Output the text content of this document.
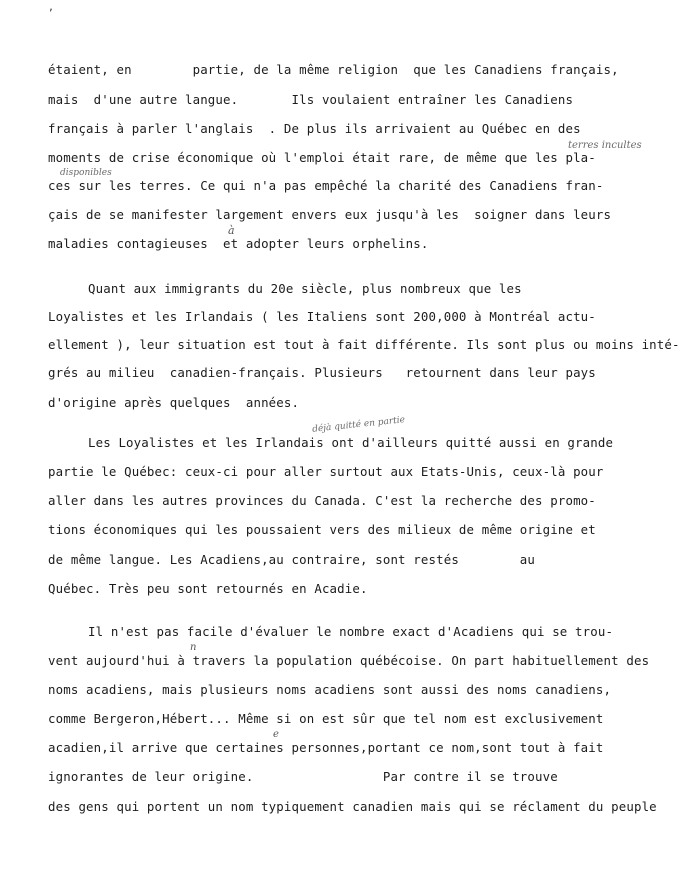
,
étaient, en        partie, de la même religion  que les Canadiens français,
mais  d'une autre langue.       Ils voulaient entraîner les Canadiens
français à parler l'anglais  . De plus ils arrivaient au Québec en des
moments de crise économique où l'emploi était rare, de même que les pla-
ces sur les terres. Ce qui n'a pas empêché la charité des Canadiens fran-
çais de se manifester largement envers eux jusqu'à les  soigner dans leurs
maladies contagieuses  et adopter leurs orphelins.
Quant aux immigrants du 20e siècle, plus nombreux que les
Loyalistes et les Irlandais ( les Italiens sont 200,000 à Montréal actu-
ellement ), leur situation est tout à fait différente. Ils sont plus ou moins inté-
grés au milieu  canadien-français. Plusieurs   retournent dans leur pays
d'origine après quelques  années.
Les Loyalistes et les Irlandais ont d'ailleurs quitté aussi en grande
partie le Québec: ceux-ci pour aller surtout aux Etats-Unis, ceux-là pour
aller dans les autres provinces du Canada. C'est la recherche des promo-
tions économiques qui les poussaient vers des milieux de même origine et
de même langue. Les Acadiens,au contraire, sont restés        au
Québec. Très peu sont retournés en Acadie.
Il n'est pas facile d'évaluer le nombre exact d'Acadiens qui se trou-
vent aujourd'hui à travers la population québécoise. On part habituellement des
noms acadiens, mais plusieurs noms acadiens sont aussi des noms canadiens,
comme Bergeron,Hébert... Même si on est sûr que tel nom est exclusivement
acadien,il arrive que certaines personnes,portant ce nom,sont tout à fait
ignorantes de leur origine.                 Par contre il se trouve
des gens qui portent un nom typiquement canadien mais qui se réclament du peuple
terres incultes
disponibles
à
déjà quitté en partie
n
e
